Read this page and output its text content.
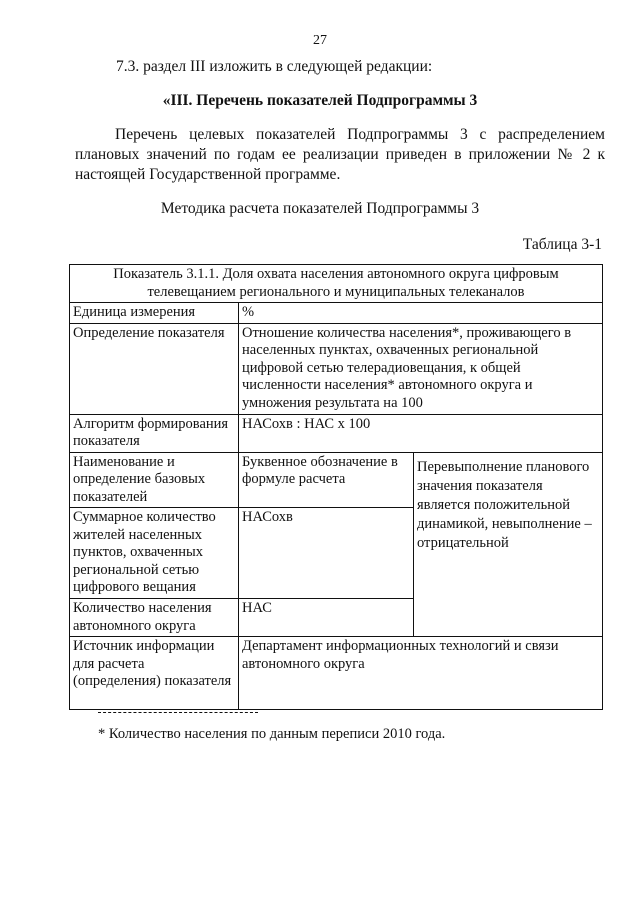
27
7.3. раздел III изложить в следующей редакции:
«III. Перечень показателей Подпрограммы 3
Перечень целевых показателей Подпрограммы 3 с распределением плановых значений по годам ее реализации приведен в приложении № 2 к настоящей Государственной программе.
Методика расчета показателей Подпрограммы 3
Таблица 3-1
Показатель 3.1.1. Доля охвата населения автономного округа цифровым телевещанием регионального и муниципальных телеканалов		
Единица измерения	%	
Определение показателя	Отношение количества населения*, проживающего в населенных пунктах, охваченных региональной цифровой сетью телерадиовещания, к общей численности населения* автономного округа и умножения результата на 100	
Алгоритм формирования показателя	НАСохв : НАС x 100	
Наименование и определение базовых показателей	Буквенное обозначение в формуле расчета	Перевыполнение планового значения показателя является положительной динамикой, невыполнение – отрицательной
Суммарное количество жителей населенных пунктов, охваченных региональной сетью цифрового вещания	НАСохв	
Количество населения автономного округа	НАС	
Источник информации для расчета (определения) показателя	Департамент информационных технологий и связи автономного округа	
* Количество населения по данным переписи 2010 года.
